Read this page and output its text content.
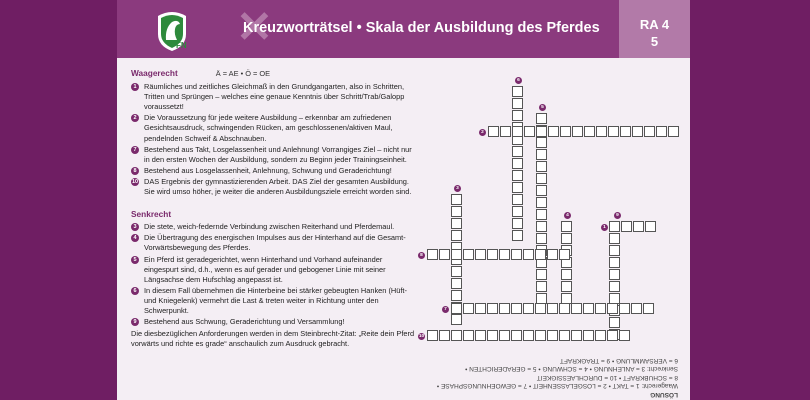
FN ✕
Kreuzworträtsel • Skala der Ausbildung des Pferdes	RA 4
5
Waagerecht	Ä = AE • Ö = OE
1	Räumliches und zeitliches Gleichmaß in den Grundgangarten, also in Schritten, Tritten und Sprüngen – welches eine genaue Kenntnis über Schritt/Trab/Galopp voraussetzt!
2	Die Voraussetzung für jede weitere Ausbildung – erkennbar am zufriedenen Gesichtsausdruck, schwingenden Rücken, am geschlossenen/aktiven Maul, pendelnden Schweif & Abschnauben.
7	Bestehend aus Takt, Losgelassenheit und Anlehnung! Vorrangiges Ziel – nicht nur in den ersten Wochen der Ausbildung, sondern zu Beginn jeder Trainingseinheit.
8	Bestehend aus Losgelassenheit, Anlehnung, Schwung und Geraderichtung!
10 DAS Ergebnis der gymnastizierenden Arbeit. DAS Ziel der gesamten Ausbildung. Sie wird umso höher, je weiter die anderen Ausbildungsziele erreicht worden sind.
Senkrecht
3	Die stete, weich-federnde Verbindung zwischen Reiterhand und Pferdemaul.
4	Die Übertragung des energischen Impulses aus der Hinterhand auf die Gesamt-Vorwärtsbewegung des Pferdes.
5	Ein Pferd ist geradegerichtet, wenn Hinterhand und Vorhand aufeinander eingespurt sind, d.h., wenn es auf gerader und gebogener Linie mit seiner Längsachse dem Hufschlag angepasst ist.
6	In diesem Fall übernehmen die Hinterbeine bei stärker gebeugten Hanken (Hüft- und Kniegelenk) vermehrt die Last & treten weiter in Richtung unter den Schwerpunkt.
9	Bestehend aus Schwung, Geraderichtung und Versammlung!
Die diesbezüglichen Anforderungen werden in dem Steinbrecht-Zitat: „Reite dein Pferd vorwärts und richte es grade“ anschaulich zum Ausdruck gebracht.
6
5
2
3
4	9
1
8
7
10
LÖSUNG
Waagerecht: 1 = TAKT • 2 = LOSGELASSENHEIT • 7 = GEWOEHNUNGSPHASE •
8 = SCHUBKRAFT • 10 = DURCHLAESSIGKEIT
Senkrecht: 3 = ANLEHNUNG • 4 = SCHWUNG • 5 = GERADERICHTEN •
6 = VERSAMMLUNG • 9 = TRAGKRAFT
